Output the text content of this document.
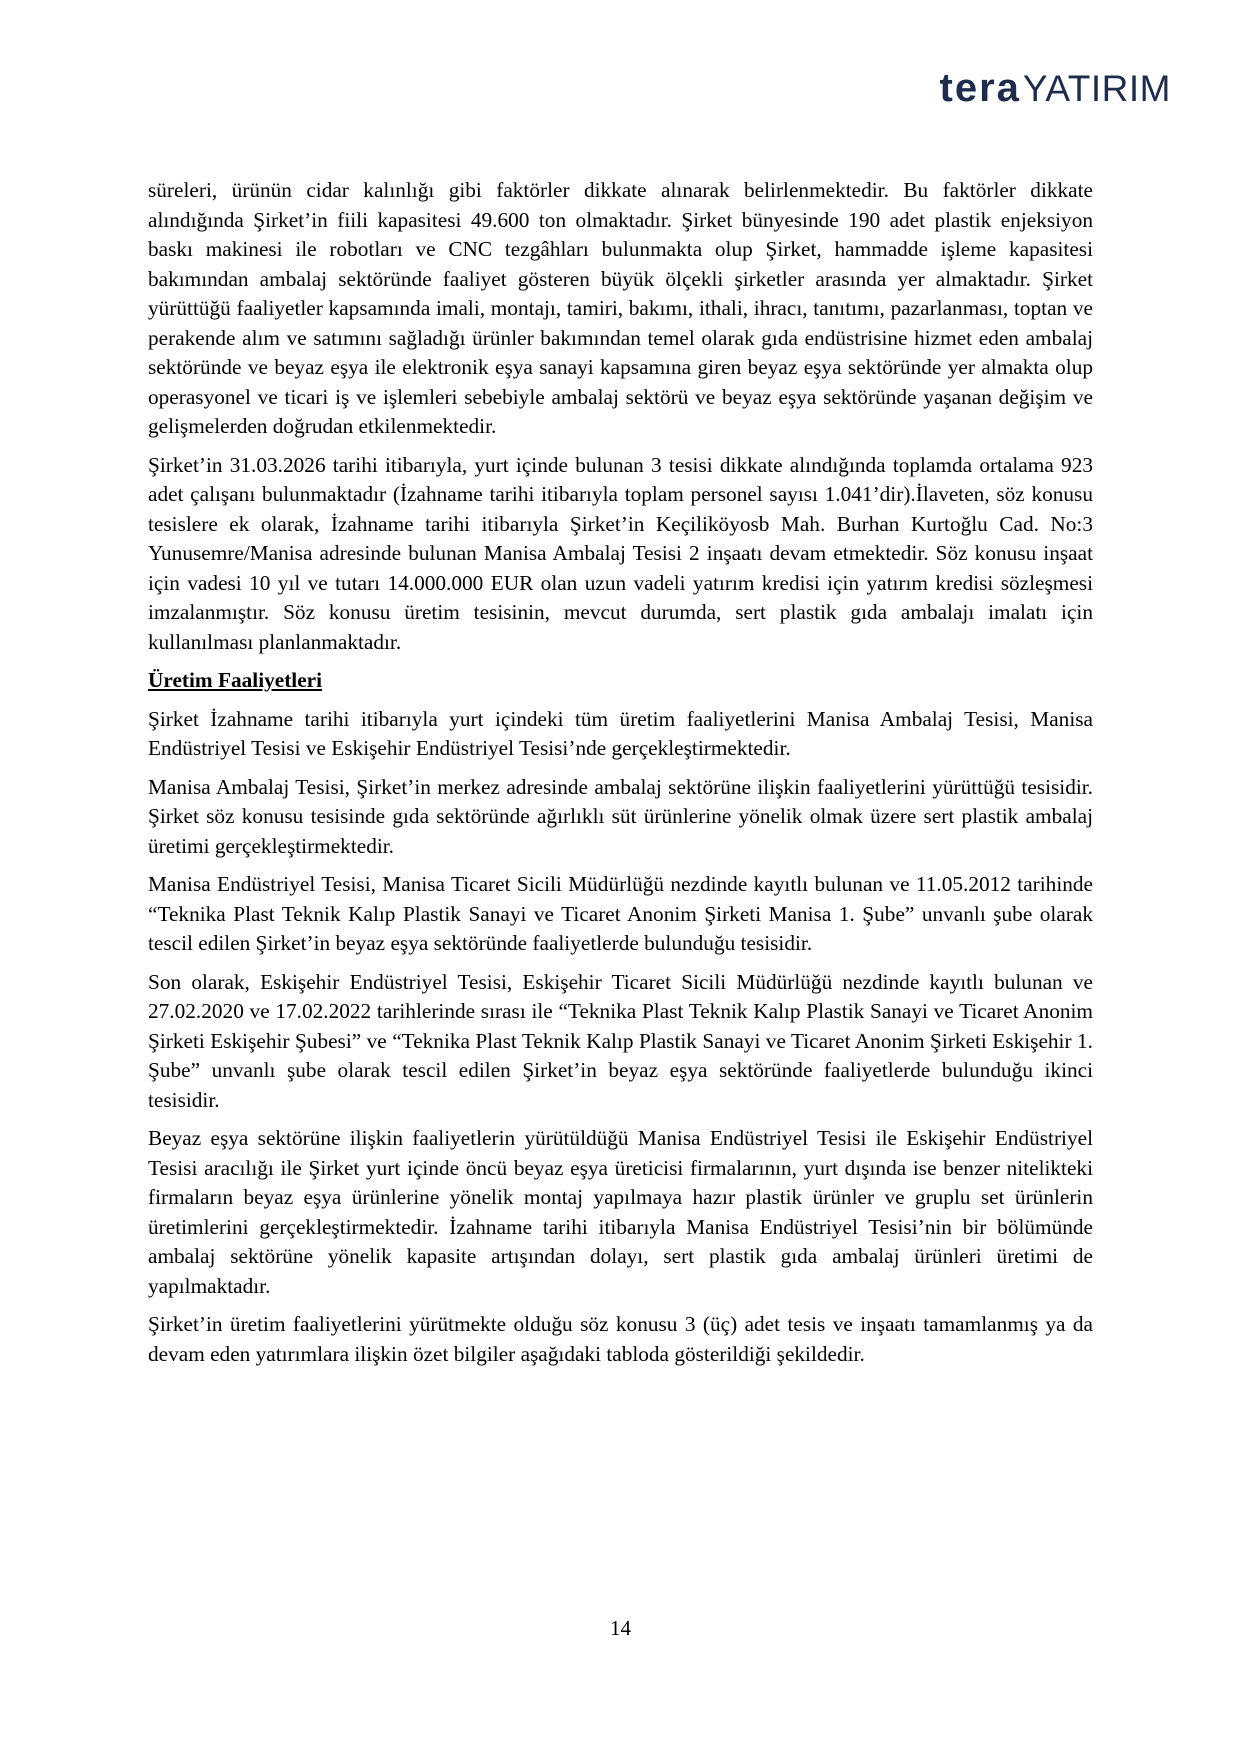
tera YATIRIM

süreleri, ürünün cidar kalınlığı gibi faktörler dikkate alınarak belirlenmektedir. Bu faktörler dikkate alındığında Şirket’in fiili kapasitesi 49.600 ton olmaktadır. Şirket bünyesinde 190 adet plastik enjeksiyon baskı makinesi ile robotları ve CNC tezgâhları bulunmakta olup Şirket, hammadde işleme kapasitesi bakımından ambalaj sektöründe faaliyet gösteren büyük ölçekli şirketler arasında yer almaktadır. Şirket yürüttüğü faaliyetler kapsamında imali, montajı, tamiri, bakımı, ithali, ihracı, tanıtımı, pazarlanması, toptan ve perakende alım ve satımını sağladığı ürünler bakımından temel olarak gıda endüstrisine hizmet eden ambalaj sektöründe ve beyaz eşya ile elektronik eşya sanayi kapsamına giren beyaz eşya sektöründe yer almakta olup operasyonel ve ticari iş ve işlemleri sebebiyle ambalaj sektörü ve beyaz eşya sektöründe yaşanan değişim ve gelişmelerden doğrudan etkilenmektedir.

Şirket’in 31.03.2026 tarihi itibarıyla, yurt içinde bulunan 3 tesisi dikkate alındığında toplamda ortalama 923 adet çalışanı bulunmaktadır (İzahname tarihi itibarıyla toplam personel sayısı 1.041’dir).İlaveten, söz konusu tesislere ek olarak, İzahname tarihi itibarıyla Şirket’in Keçiliköyosb Mah. Burhan Kurtoğlu Cad. No:3 Yunusemre/Manisa adresinde bulunan Manisa Ambalaj Tesisi 2 inşaatı devam etmektedir. Söz konusu inşaat için vadesi 10 yıl ve tutarı 14.000.000 EUR olan uzun vadeli yatırım kredisi için yatırım kredisi sözleşmesi imzalanmıştır. Söz konusu üretim tesisinin, mevcut durumda, sert plastik gıda ambalajı imalatı için kullanılması planlanmaktadır.

Üretim Faaliyetleri

Şirket İzahname tarihi itibarıyla yurt içindeki tüm üretim faaliyetlerini Manisa Ambalaj Tesisi, Manisa Endüstriyel Tesisi ve Eskişehir Endüstriyel Tesisi’nde gerçekleştirmektedir.

Manisa Ambalaj Tesisi, Şirket’in merkez adresinde ambalaj sektörüne ilişkin faaliyetlerini yürüttüğü tesisidir. Şirket söz konusu tesisinde gıda sektöründe ağırlıklı süt ürünlerine yönelik olmak üzere sert plastik ambalaj üretimi gerçekleştirmektedir.

Manisa Endüstriyel Tesisi, Manisa Ticaret Sicili Müdürlüğü nezdinde kayıtlı bulunan ve 11.05.2012 tarihinde “Teknika Plast Teknik Kalıp Plastik Sanayi ve Ticaret Anonim Şirketi Manisa 1. Şube” unvanlı şube olarak tescil edilen Şirket’in beyaz eşya sektöründe faaliyetlerde bulunduğu tesisidir.

Son olarak, Eskişehir Endüstriyel Tesisi, Eskişehir Ticaret Sicili Müdürlüğü nezdinde kayıtlı bulunan ve 27.02.2020 ve 17.02.2022 tarihlerinde sırası ile “Teknika Plast Teknik Kalıp Plastik Sanayi ve Ticaret Anonim Şirketi Eskişehir Şubesi” ve “Teknika Plast Teknik Kalıp Plastik Sanayi ve Ticaret Anonim Şirketi Eskişehir 1. Şube” unvanlı şube olarak tescil edilen Şirket’in beyaz eşya sektöründe faaliyetlerde bulunduğu ikinci tesisidir.

Beyaz eşya sektörüne ilişkin faaliyetlerin yürütüldüğü Manisa Endüstriyel Tesisi ile Eskişehir Endüstriyel Tesisi aracılığı ile Şirket yurt içinde öncü beyaz eşya üreticisi firmalarının, yurt dışında ise benzer nitelikteki firmaların beyaz eşya ürünlerine yönelik montaj yapılmaya hazır plastik ürünler ve gruplu set ürünlerin üretimlerini gerçekleştirmektedir. İzahname tarihi itibarıyla Manisa Endüstriyel Tesisi’nin bir bölümünde ambalaj sektörüne yönelik kapasite artışından dolayı, sert plastik gıda ambalaj ürünleri üretimi de yapılmaktadır.

Şirket’in üretim faaliyetlerini yürütmekte olduğu söz konusu 3 (üç) adet tesis ve inşaatı tamamlanmış ya da devam eden yatırımlara ilişkin özet bilgiler aşağıdaki tabloda gösterildiği şekildedir.

14
